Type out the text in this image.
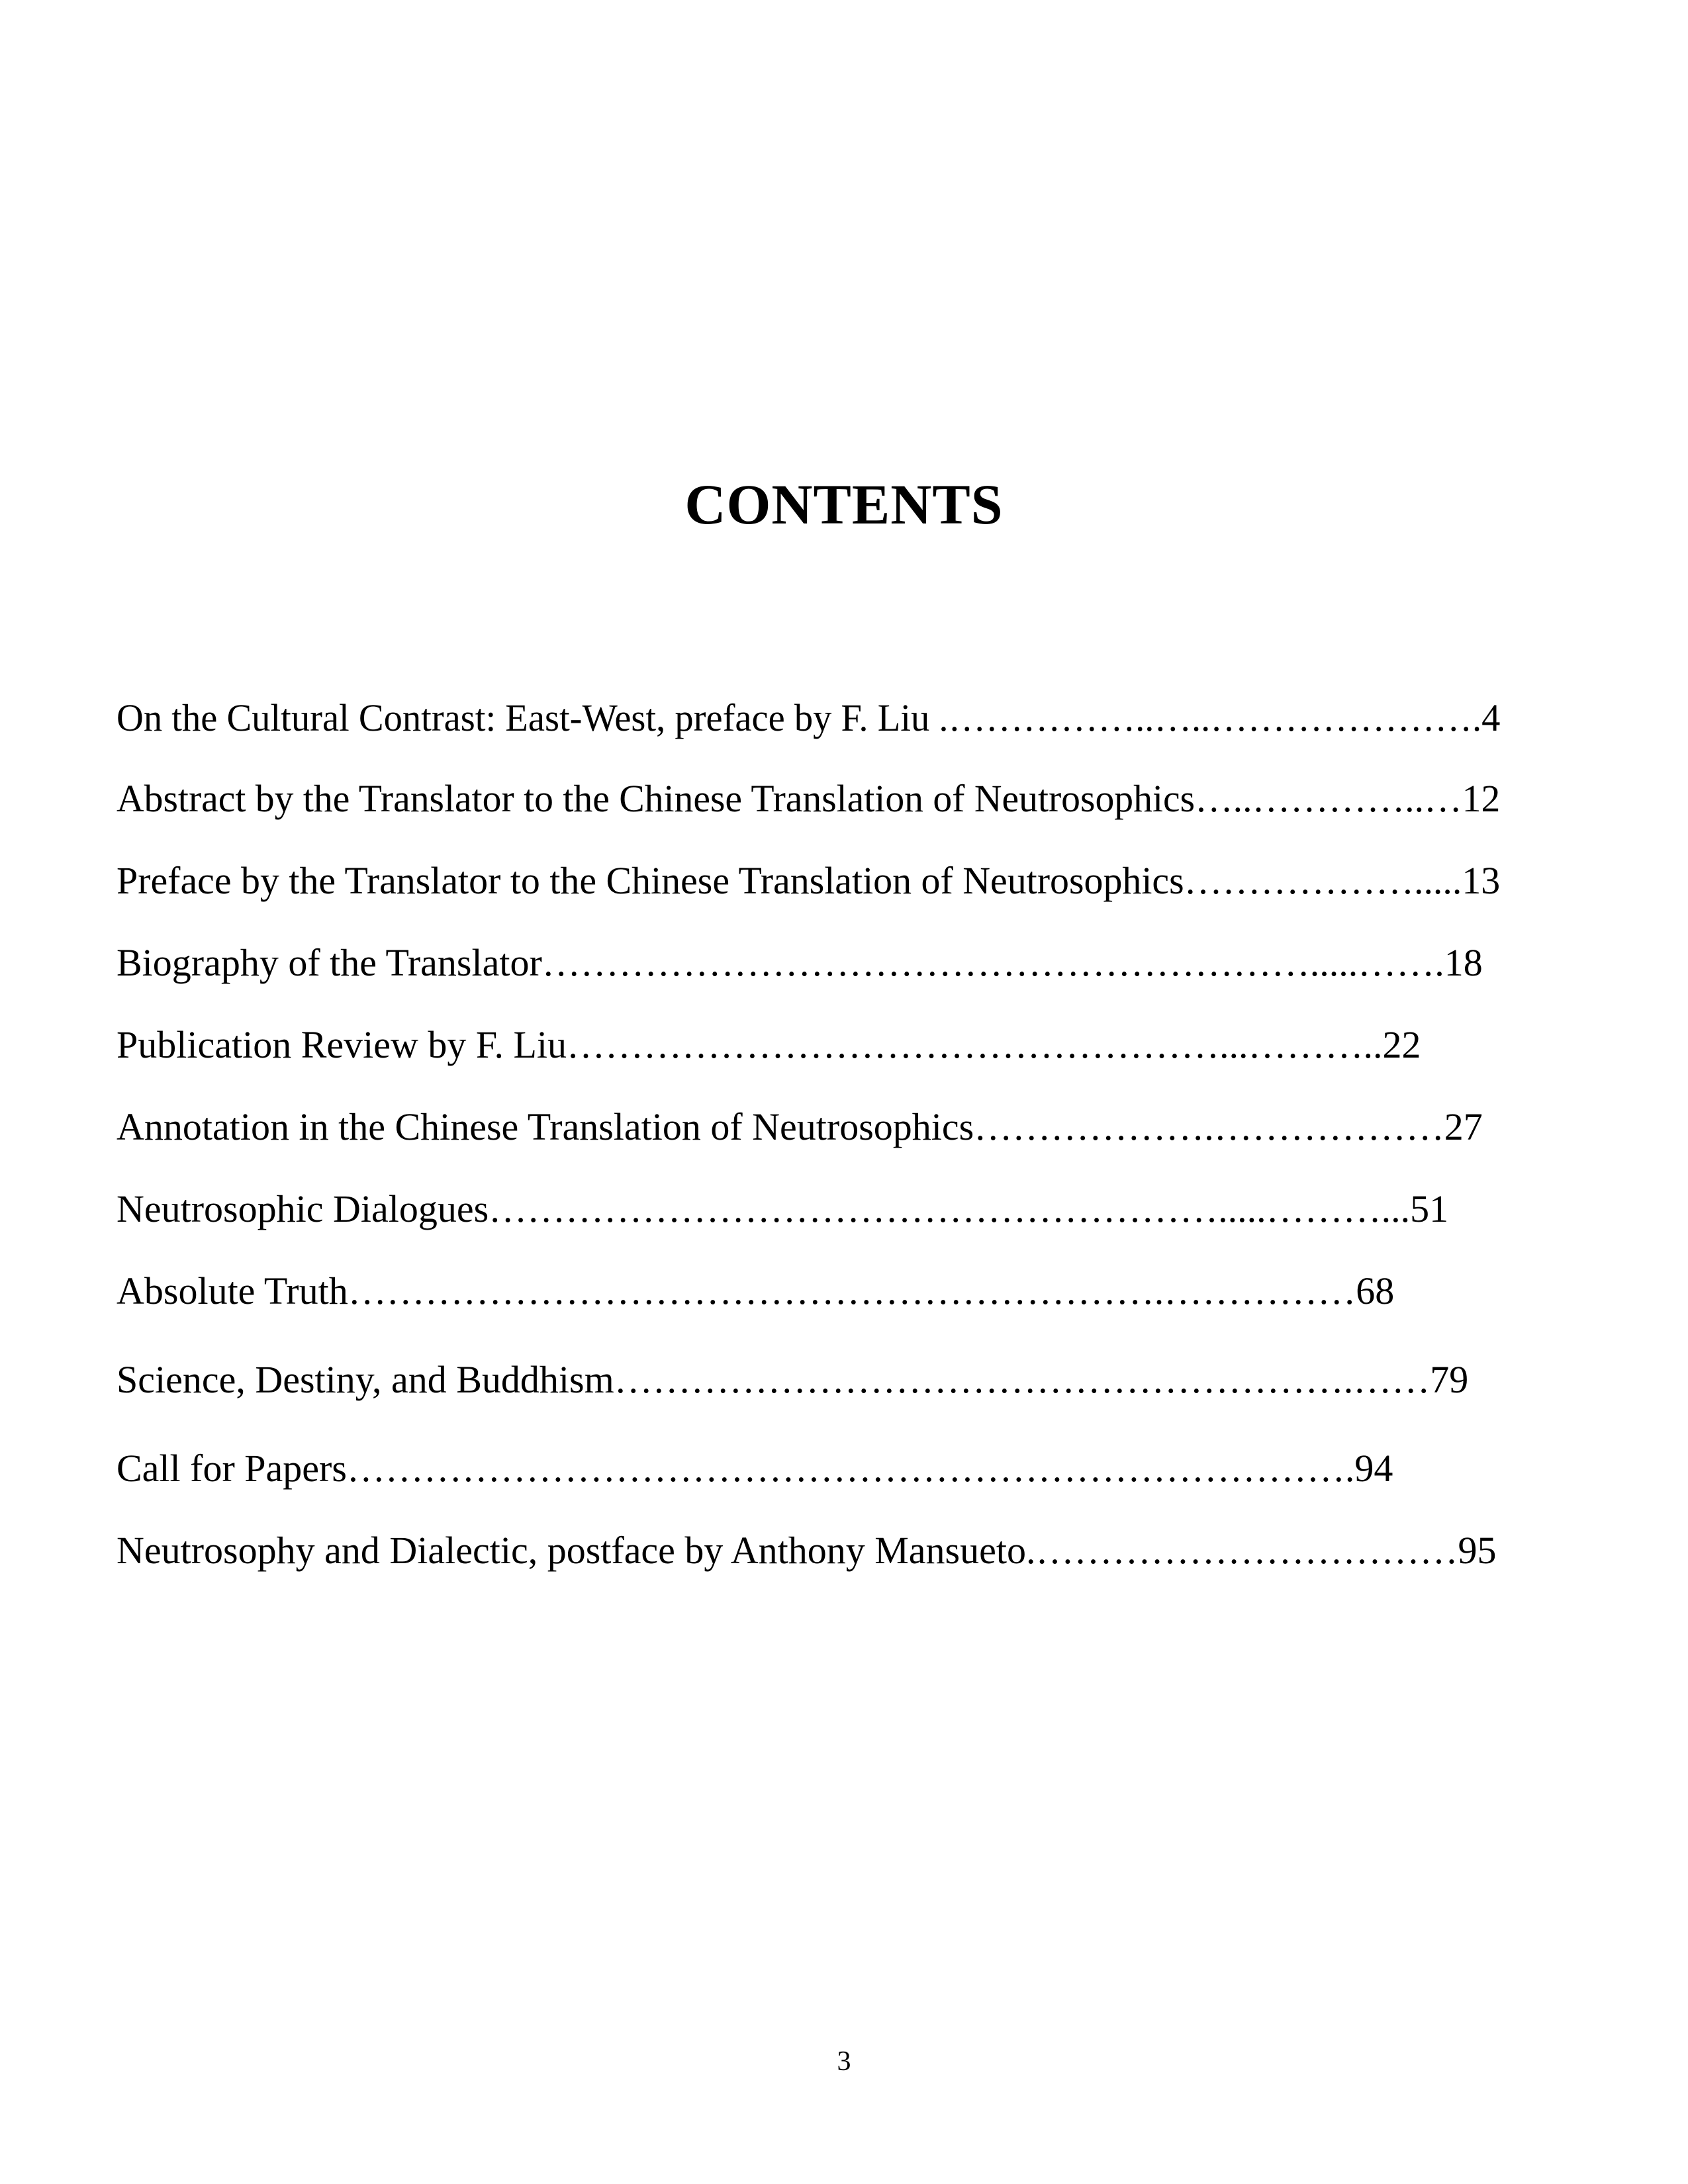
CONTENTS
On the Cultural Contrast: East-West, preface by F. Liu .……………..…..………………….4
Abstract by the Translator to the Chinese Translation of Neutrosophics…..…………..…12
Preface by the Translator to the Chinese Translation of Neutrosophics……………….....13
Biography of the Translator…………………………………………………….....…….18
Publication Review by F. Liu……………………………………………...………..22
Annotation in the Chinese Translation of Neutrosophics……………….………………27
Neutrosophic Dialogues………………………………………………….....………...51
Absolute Truth……………………………………………………….……………68
Science, Destiny, and Buddhism………………………………………………….……79
Call for Papers…………………………………………………………………….94
Neutrosophy and Dialectic, postface by Anthony Mansueto.……………………………95
3
